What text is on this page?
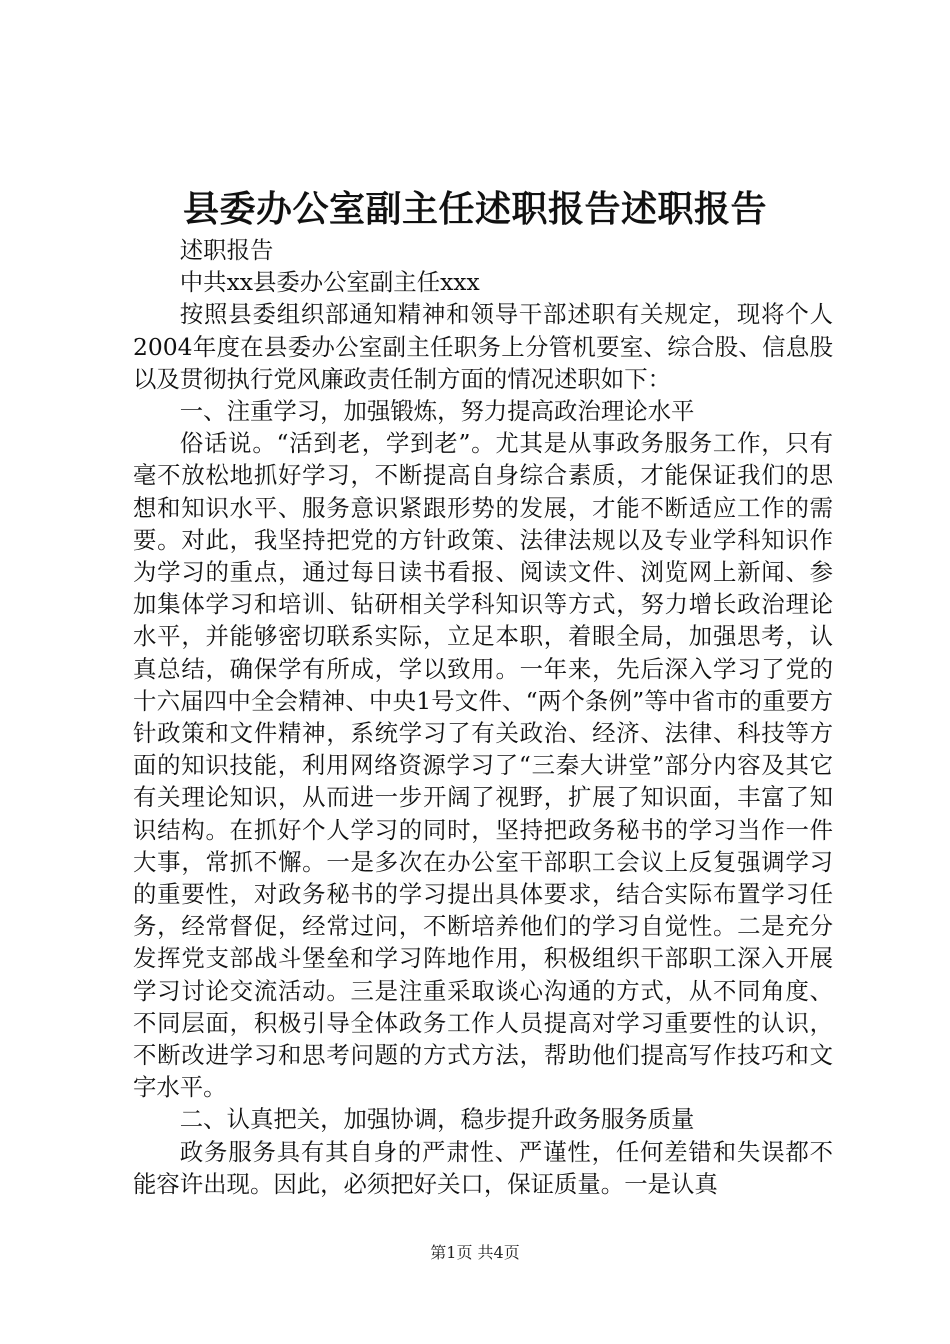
县委办公室副主任述职报告述职报告

述职报告

中共xx县委办公室副主任xxx

按照县委组织部通知精神和领导干部述职有关规定，现将个人2004年度在县委办公室副主任职务上分管机要室、综合股、信息股以及贯彻执行党风廉政责任制方面的情况述职如下：

一、注重学习，加强锻炼，努力提高政治理论水平

俗话说。“活到老，学到老”。尤其是从事政务服务工作，只有毫不放松地抓好学习，不断提高自身综合素质，才能保证我们的思想和知识水平、服务意识紧跟形势的发展，才能不断适应工作的需要。对此，我坚持把党的方针政策、法律法规以及专业学科知识作为学习的重点，通过每日读书看报、阅读文件、浏览网上新闻、参加集体学习和培训、钻研相关学科知识等方式，努力增长政治理论水平，并能够密切联系实际，立足本职，着眼全局，加强思考，认真总结，确保学有所成，学以致用。一年来，先后深入学习了党的十六届四中全会精神、中央1号文件、“两个条例”等中省市的重要方针政策和文件精神，系统学习了有关政治、经济、法律、科技等方面的知识技能，利用网络资源学习了“三秦大讲堂”部分内容及其它有关理论知识，从而进一步开阔了视野，扩展了知识面，丰富了知识结构。在抓好个人学习的同时，坚持把政务秘书的学习当作一件大事，常抓不懈。一是多次在办公室干部职工会议上反复强调学习的重要性，对政务秘书的学习提出具体要求，结合实际布置学习任务，经常督促，经常过问，不断培养他们的学习自觉性。二是充分发挥党支部战斗堡垒和学习阵地作用，积极组织干部职工深入开展学习讨论交流活动。三是注重采取谈心沟通的方式，从不同角度、不同层面，积极引导全体政务工作人员提高对学习重要性的认识，不断改进学习和思考问题的方式方法，帮助他们提高写作技巧和文字水平。

二、认真把关，加强协调，稳步提升政务服务质量

政务服务具有其自身的严肃性、严谨性，任何差错和失误都不能容许出现。因此，必须把好关口，保证质量。一是认真

第1页 共4页
